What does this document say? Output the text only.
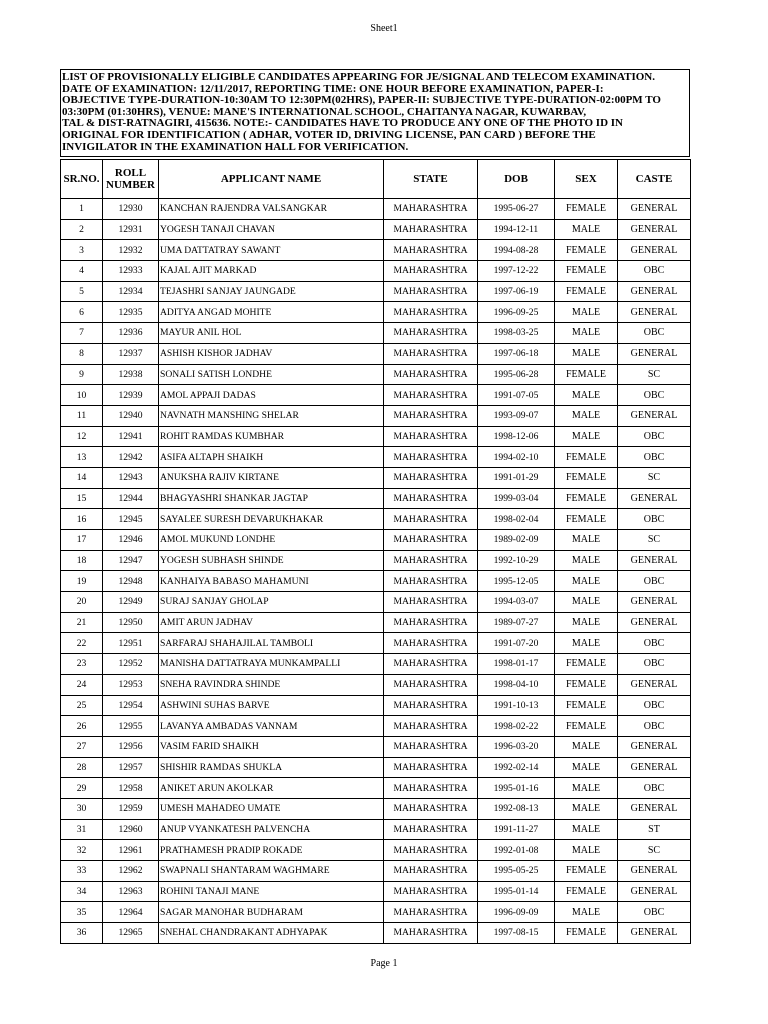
Sheet1
LIST OF PROVISIONALLY ELIGIBLE CANDIDATES APPEARING FOR JE/SIGNAL AND TELECOM EXAMINATION.
DATE OF EXAMINATION: 12/11/2017, REPORTING TIME: ONE HOUR BEFORE EXAMINATION, PAPER-I:
OBJECTIVE TYPE-DURATION-10:30AM TO 12:30PM(02HRS), PAPER-II: SUBJECTIVE TYPE-DURATION-02:00PM TO
03:30PM (01:30HRS), VENUE: MANE'S INTERNATIONAL SCHOOL, CHAITANYA NAGAR, KUWARBAV,
TAL & DIST-RATNAGIRI, 415636. NOTE:- CANDIDATES HAVE TO PRODUCE ANY ONE OF THE PHOTO ID IN
ORIGINAL FOR IDENTIFICATION ( ADHAR, VOTER ID, DRIVING LICENSE, PAN CARD ) BEFORE THE
INVIGILATOR IN THE EXAMINATION HALL FOR VERIFICATION.
SR.NO.	ROLL
NUMBER	APPLICANT NAME	STATE	DOB	SEX	CASTE
1	12930	KANCHAN RAJENDRA VALSANGKAR	MAHARASHTRA	1995-06-27	FEMALE	GENERAL
2	12931	YOGESH TANAJI CHAVAN	MAHARASHTRA	1994-12-11	MALE	GENERAL
3	12932	UMA DATTATRAY SAWANT	MAHARASHTRA	1994-08-28	FEMALE	GENERAL
4	12933	KAJAL AJIT MARKAD	MAHARASHTRA	1997-12-22	FEMALE	OBC
5	12934	TEJASHRI SANJAY JAUNGADE	MAHARASHTRA	1997-06-19	FEMALE	GENERAL
6	12935	ADITYA ANGAD MOHITE	MAHARASHTRA	1996-09-25	MALE	GENERAL
7	12936	MAYUR ANIL HOL	MAHARASHTRA	1998-03-25	MALE	OBC
8	12937	ASHISH KISHOR JADHAV	MAHARASHTRA	1997-06-18	MALE	GENERAL
9	12938	SONALI SATISH LONDHE	MAHARASHTRA	1995-06-28	FEMALE	SC
10	12939	AMOL APPAJI DADAS	MAHARASHTRA	1991-07-05	MALE	OBC
11	12940	NAVNATH MANSHING SHELAR	MAHARASHTRA	1993-09-07	MALE	GENERAL
12	12941	ROHIT RAMDAS KUMBHAR	MAHARASHTRA	1998-12-06	MALE	OBC
13	12942	ASIFA ALTAPH SHAIKH	MAHARASHTRA	1994-02-10	FEMALE	OBC
14	12943	ANUKSHA RAJIV KIRTANE	MAHARASHTRA	1991-01-29	FEMALE	SC
15	12944	BHAGYASHRI SHANKAR JAGTAP	MAHARASHTRA	1999-03-04	FEMALE	GENERAL
16	12945	SAYALEE SURESH DEVARUKHAKAR	MAHARASHTRA	1998-02-04	FEMALE	OBC
17	12946	AMOL MUKUND LONDHE	MAHARASHTRA	1989-02-09	MALE	SC
18	12947	YOGESH SUBHASH SHINDE	MAHARASHTRA	1992-10-29	MALE	GENERAL
19	12948	KANHAIYA BABASO MAHAMUNI	MAHARASHTRA	1995-12-05	MALE	OBC
20	12949	SURAJ SANJAY GHOLAP	MAHARASHTRA	1994-03-07	MALE	GENERAL
21	12950	AMIT ARUN JADHAV	MAHARASHTRA	1989-07-27	MALE	GENERAL
22	12951	SARFARAJ SHAHAJILAL TAMBOLI	MAHARASHTRA	1991-07-20	MALE	OBC
23	12952	MANISHA DATTATRAYA MUNKAMPALLI	MAHARASHTRA	1998-01-17	FEMALE	OBC
24	12953	SNEHA RAVINDRA SHINDE	MAHARASHTRA	1998-04-10	FEMALE	GENERAL
25	12954	ASHWINI SUHAS BARVE	MAHARASHTRA	1991-10-13	FEMALE	OBC
26	12955	LAVANYA AMBADAS VANNAM	MAHARASHTRA	1998-02-22	FEMALE	OBC
27	12956	VASIM FARID SHAIKH	MAHARASHTRA	1996-03-20	MALE	GENERAL
28	12957	SHISHIR RAMDAS SHUKLA	MAHARASHTRA	1992-02-14	MALE	GENERAL
29	12958	ANIKET ARUN AKOLKAR	MAHARASHTRA	1995-01-16	MALE	OBC
30	12959	UMESH MAHADEO UMATE	MAHARASHTRA	1992-08-13	MALE	GENERAL
31	12960	ANUP VYANKATESH PALVENCHA	MAHARASHTRA	1991-11-27	MALE	ST
32	12961	PRATHAMESH PRADIP ROKADE	MAHARASHTRA	1992-01-08	MALE	SC
33	12962	SWAPNALI SHANTARAM WAGHMARE	MAHARASHTRA	1995-05-25	FEMALE	GENERAL
34	12963	ROHINI TANAJI MANE	MAHARASHTRA	1995-01-14	FEMALE	GENERAL
35	12964	SAGAR MANOHAR BUDHARAM	MAHARASHTRA	1996-09-09	MALE	OBC
36	12965	SNEHAL CHANDRAKANT ADHYAPAK	MAHARASHTRA	1997-08-15	FEMALE	GENERAL
Page 1
